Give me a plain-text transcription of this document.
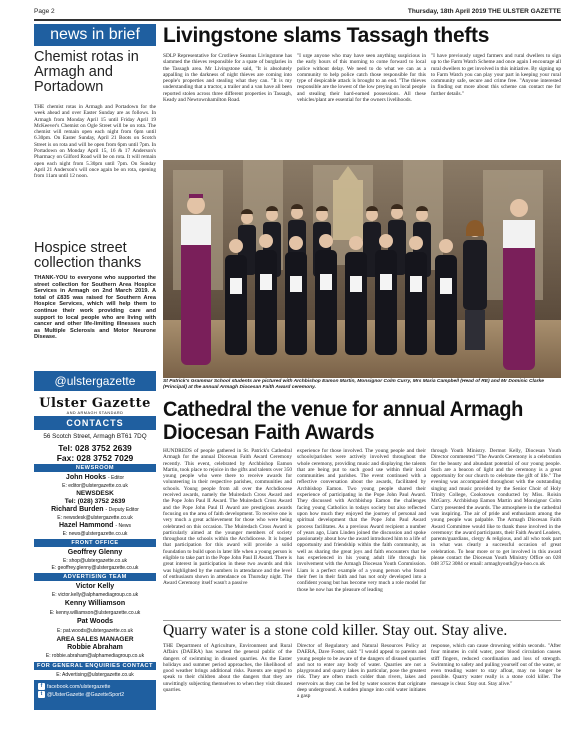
Page 2	Thursday, 18th April 2019 THE ULSTER GAZETTE
news in brief
Chemist rotas in Armagh and Portadown
THE chemist rotas in Armagh and Portadown for the week ahead and over Easter Sunday are as follows. In Armagh from Monday April 15 until Friday April 19 McKeever's Chemist on Ogle Street will be on rota. The chemist will remain open each night from 6pm until 6.30pm. On Easter Sunday, April 21 Boots on Scotch Street is on rota and will be open from 6pm until 7pm. In Portadown on Monday April 15, 16 & 17 Anderson's Pharmacy on Gilford Road will be on rota. It will remain open each night from 5.30pm until 7pm. On Sunday April 21 Anderson's will once again be on rota, opening from 11am until 12 noon.
Hospice street collection thanks
THANK-YOU to everyone who supported the street collection for Southern Area Hospice Services in Armagh on 2nd March 2019. A total of £835 was raised for Southern Area Hospice Services, which will help them to continue their work providing care and support to local people who are living with cancer and other life-limiting illnesses such as Multiple Sclerosis and Motor Neurone Disease.
@ulstergazette
Ulster Gazette
AND ARMAGH STANDARD
CONTACTS
56 Scotch Street, Armagh BT61 7DQ
Tel: 028 3752 2639
Fax: 028 3752 7029
NEWSROOM
John Hooks - Editor
E: editor@ulstergazette.co.uk
NEWSDESK
Tel: (028) 3752 2639
Richard Burden - Deputy Editor
E: newsdesk@ulstergazette.co.uk
Hazel Hammond - News
E: news@ulstergazette.co.uk
FRONT OFFICE
Geoffrey Glenny
E: shop@ulstergazette.co.uk
E: geoffrey.glenny@ulstergazette.co.uk
ADVERTISING TEAM
Victor Kelly
E: victor.kelly@alphamediagroup.co.uk
Kenny Williamson
E: kenny.williamson@ulstergazette.co.uk
Pat Woods
E: pat.woods@ulstergazette.co.uk
AREA SALES MANAGER
Robbie Abraham
E: robbie.abraham@alphamediagroup.co.uk
FOR GENERAL ENQUIRIES CONTACT
E: Advertising@ulstergazette.co.uk
f facebook.com/ulstergazette
t @UlsterGazette @GazetteSport2
Livingstone slams Tassagh thefts
SDLP Representative for Crotlieve Seamus Livingstone has slammed the thieves responsible for a spate of burglaries in the Tassagh area. Mr Livingstone said, "It is absolutely appalling in the darkness of night thieves are coming into people's properties and stealing what they can. "It is my understanding that a tractor, a trailer and a van have all been reported stolen across three different properties in Tassagh, Keady and Newtownhamilton Road.
"I urge anyone who may have seen anything suspicious in the early hours of this morning to come forward to local police without delay. We need to do what we can as a community to help police catch those responsible for this type of despicable attack is brought to an end. "The thieves responsible are the lowest of the low preying on local people and stealing their hard-earned possessions. All these vehicles/plant are essential for the owners livelihoods.
"I have previously urged farmers and rural dwellers to sign up to the Farm Watch Scheme and once again I encourage all rural dwellers to get involved in this initiative. By signing up to Farm Watch you can play your part in keeping your rural community safe, secure and crime free. "Anyone interested in finding out more about this scheme can contact me for further details."
St Patrick's Grammar School students are pictured with Archbishop Eamon Martin, Monsignor Colm Curry, Mrs Maria Campbell (Head of RE) and Mr Dominic Clarke (Principal) at the annual Armagh Diocesan Faith Award ceremony.
Cathedral the venue for annual Armagh Diocesan Faith Awards
HUNDREDS of people gathered in St. Patrick's Cathedral Armagh for the annual Diocesan Faith Award Ceremony recently. This event, celebrated by Archbishop Eamon Martin, took place to rejoice in the gifts and talents over 350 young people who were there to receive awards for volunteering in their respective parishes, communities and schools. Young people from all over the Archdiocese received awards, namely the Muiredach Cross Award and the Pope John Paul II Award. The Muiredach Cross Award and the Pope John Paul II Award are prestigious awards focusing on the area of faith development. To receive one is very much a great achievement for those who were being celebrated on this occasion. The Muiredach Cross Award is particularly aimed at the younger members of society throughout the schools within the Archdiocese. It is hoped that participation for this award will provide a solid foundation to build upon in later life when a young person is eligible to take part in the Pope John Paul II Award. There is great interest in participation in these two awards and this was highlighted by the numbers in attendance and the level of enthusiasm shown in attendance on Thursday night. The Award Ceremony itself wasn't a passive
experience for those involved. The young people and their schools/parishes were actively involved throughout the whole ceremony, providing music and displaying the talents that are being put to such good use within their local communities and parishes. The event continued with a reflective conversation about the awards, facilitated by Archbishop Eamon. Two young people shared their experience of participating in the Pope John Paul Award. They discussed with Archbishop Eamon the challenges facing young Catholics in todays society but also reflected upon how much they enjoyed the journey of personal and spiritual development that the Pope John Paul Award process facilitates. As a previous Award recipient a number of years ago, Liam Linden joined the discussion and spoke passionately about how the award introduced him to a life of opportunity and friendship within the faith community, as well as sharing the great joys and faith encounters that he has experienced in his young adult life through his involvement with the Armagh Diocesan Youth Commission. Liam is a perfect example of a young person who found their feet in their faith and has not only developed into a confident young but has become very much a role model for those he now has the pleasure of leading
through Youth Ministry. Dermot Kelly, Diocesan Youth Director commented "The Awards Ceremony is a celebration for the beauty and abundant potential of our young people. Such are a beacon of light and the ceremony is a great opportunity for our church to celebrate the gift of life." The evening was accompanied throughout with the outstanding singing and music provided by the Senior Choir of Holy Trinity College, Cookstown conducted by Miss. Roisin McGarry. Archbishop Eamon Martin and Monsignor Colm Curry presented the awards. The atmosphere in the cathedral was inspiring. The air of pride and enthusiasm among the young people was palpable. The Armagh Diocesan Faith Award Committee would like to thank those involved in the ceremony: the award participants, their Faith Award Leaders, parents/guardians, clergy & religious, and all who took part in what was clearly a successful occasion of great celebration. To hear more or to get involved in this award please contact the Diocesan Youth Ministry Office on 028 048 3752 3084 or email: armaghyouth@ya-hoo.co.uk
Quarry water is a stone cold killer. Stay out. Stay alive.
THE Department of Agriculture, Environment and Rural Affairs (DAERA) has warned the general public of the dangers of swimming in disused quarries. As the Easter holidays and summer period approaches, the likelihood of good weather brings additional risks. Parents are urged to speak to their children about the dangers that they are unwittingly subjecting themselves to when they visit disused quarries.
Director of Regulatory and Natural Resources Policy at DAERA, Dave Foster, said: "I would appeal to parents and young people to be aware of the dangers of disused quarries and not to enter any body of water. Quarries are not a playground and quarry lakes in particular, pose the greatest risk. They are often much colder than rivers, lakes and reservoirs as they can be fed by water sources that originate deep underground. A sudden plunge into cold water initiates a gasp
response, which can cause drowning within seconds. "After four minutes in cold water, poor blood circulation causes stiff fingers, reduced coordination and loss of strength. Swimming to safety and pulling yourself out of the water, or even treading water to stay afloat, may no longer be possible. Quarry water really is a stone cold killer. The message is clear. Stay out. Stay alive."
